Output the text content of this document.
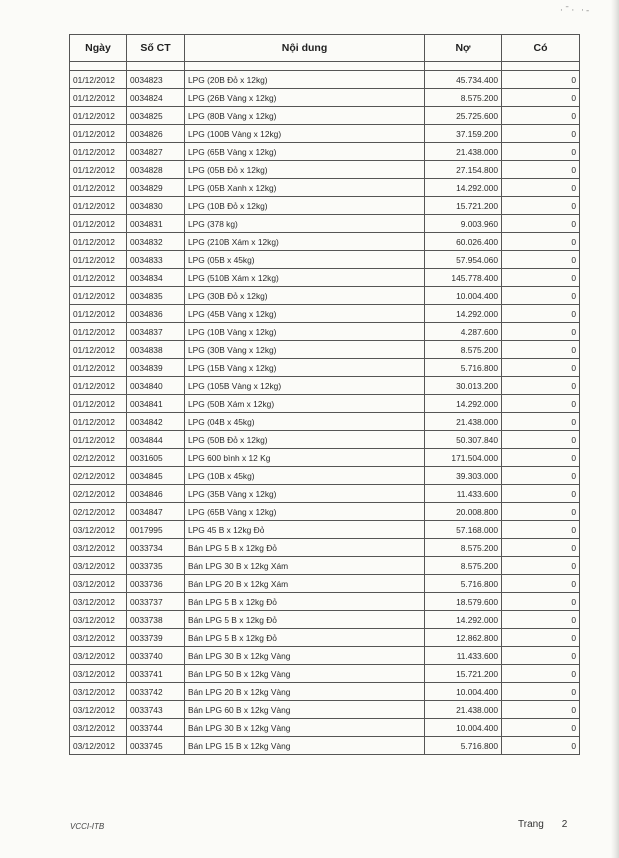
·ˉ· ·-
Ngày	Số CT	Nội dung	Nợ	Có

01/12/2012	0034823	LPG (20B Đỏ x 12kg)	45.734.400	0
01/12/2012	0034824	LPG (26B Vàng x 12kg)	8.575.200	0
01/12/2012	0034825	LPG (80B Vàng x 12kg)	25.725.600	0
01/12/2012	0034826	LPG (100B Vàng x 12kg)	37.159.200	0
01/12/2012	0034827	LPG (65B Vàng x 12kg)	21.438.000	0
01/12/2012	0034828	LPG (05B Đỏ x 12kg)	27.154.800	0
01/12/2012	0034829	LPG (05B Xanh x 12kg)	14.292.000	0
01/12/2012	0034830	LPG (10B Đỏ x 12kg)	15.721.200	0
01/12/2012	0034831	LPG (378 kg)	9.003.960	0
01/12/2012	0034832	LPG (210B Xám x 12kg)	60.026.400	0
01/12/2012	0034833	LPG (05B x 45kg)	57.954.060	0
01/12/2012	0034834	LPG (510B Xám x 12kg)	145.778.400	0
01/12/2012	0034835	LPG (30B Đỏ x 12kg)	10.004.400	0
01/12/2012	0034836	LPG (45B Vàng x 12kg)	14.292.000	0
01/12/2012	0034837	LPG (10B Vàng x 12kg)	4.287.600	0
01/12/2012	0034838	LPG (30B Vàng x 12kg)	8.575.200	0
01/12/2012	0034839	LPG (15B Vàng x 12kg)	5.716.800	0
01/12/2012	0034840	LPG (105B Vàng x 12kg)	30.013.200	0
01/12/2012	0034841	LPG (50B Xám x 12kg)	14.292.000	0
01/12/2012	0034842	LPG (04B x 45kg)	21.438.000	0
01/12/2012	0034844	LPG (50B Đỏ x 12kg)	50.307.840	0
02/12/2012	0031605	LPG 600 bình x 12 Kg	171.504.000	0
02/12/2012	0034845	LPG (10B x 45kg)	39.303.000	0
02/12/2012	0034846	LPG (35B Vàng x 12kg)	11.433.600	0
02/12/2012	0034847	LPG (65B Vàng x 12kg)	20.008.800	0
03/12/2012	0017995	LPG 45 B x 12kg Đỏ	57.168.000	0
03/12/2012	0033734	Bán LPG 5 B x 12kg Đỏ	8.575.200	0
03/12/2012	0033735	Bán LPG 30 B x 12kg Xám	8.575.200	0
03/12/2012	0033736	Bán LPG 20 B x 12kg Xám	5.716.800	0
03/12/2012	0033737	Bán LPG 5 B x 12kg Đỏ	18.579.600	0
03/12/2012	0033738	Bán LPG 5 B x 12kg Đỏ	14.292.000	0
03/12/2012	0033739	Bán LPG 5 B x 12kg Đỏ	12.862.800	0
03/12/2012	0033740	Bán LPG 30 B x 12kg Vàng	11.433.600	0
03/12/2012	0033741	Bán LPG 50 B x 12kg Vàng	15.721.200	0
03/12/2012	0033742	Bán LPG 20 B x 12kg Vàng	10.004.400	0
03/12/2012	0033743	Bán LPG 60 B x 12kg Vàng	21.438.000	0
03/12/2012	0033744	Bán LPG 30 B x 12kg Vàng	10.004.400	0
03/12/2012	0033745	Bán LPG 15 B x 12kg Vàng	5.716.800	0
VCCI-ITB	Trang 2
